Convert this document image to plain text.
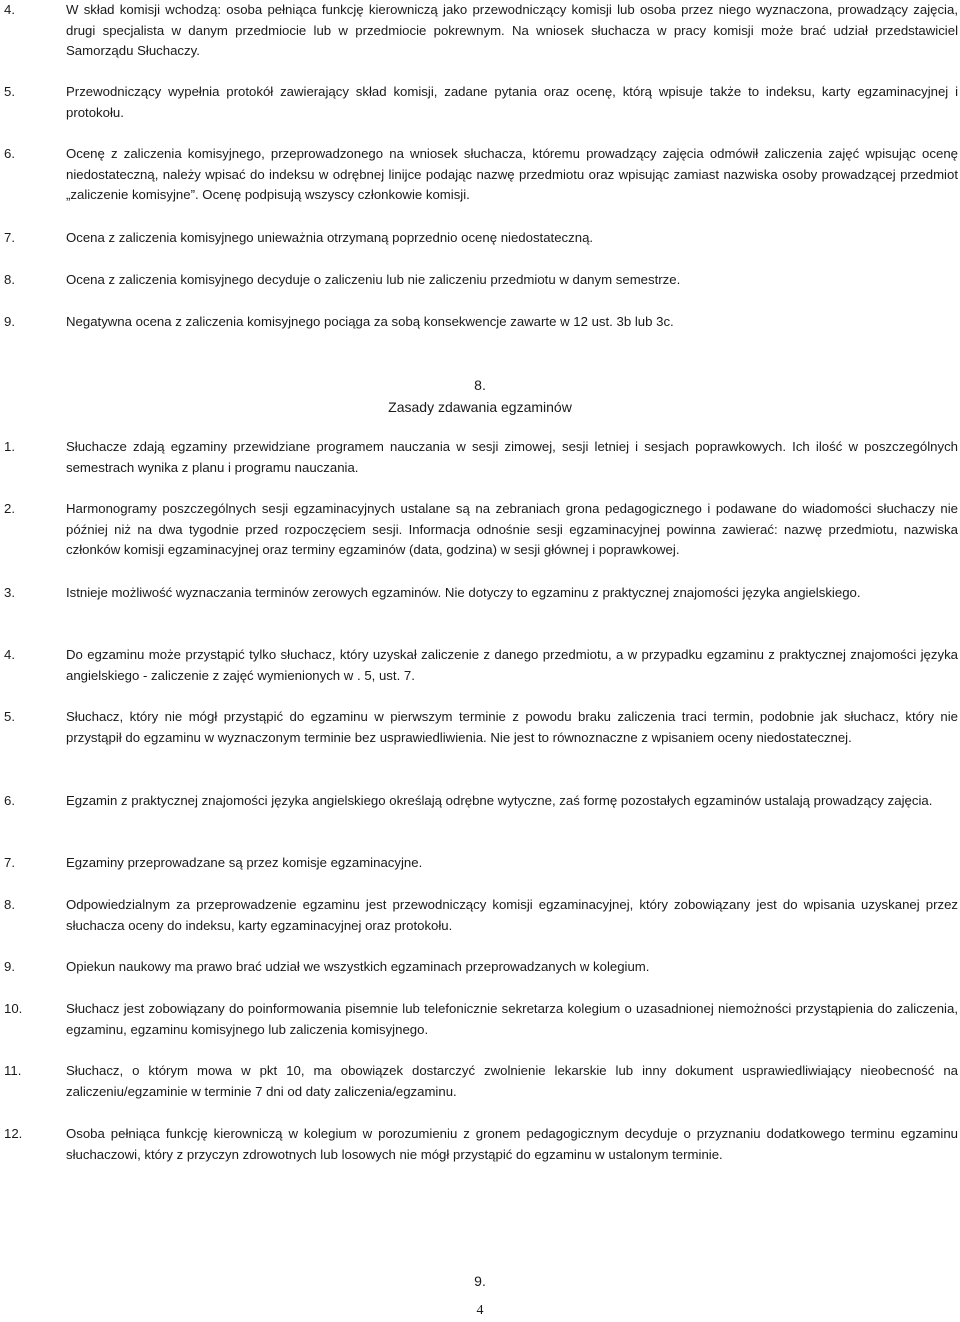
4.	W skład komisji wchodzą: osoba pełniąca funkcję kierowniczą jako przewodniczący komisji lub osoba przez niego wyznaczona, prowadzący zajęcia, drugi specjalista w danym przedmiocie lub w przedmiocie pokrewnym. Na wniosek słuchacza w pracy komisji może brać udział przedstawiciel Samorządu Słuchaczy.
5.	Przewodniczący wypełnia protokół zawierający skład komisji, zadane pytania oraz ocenę, którą wpisuje także to indeksu, karty egzaminacyjnej i protokołu.
6.	Ocenę z zaliczenia komisyjnego, przeprowadzonego na wniosek słuchacza, któremu prowadzący zajęcia odmówił zaliczenia zajęć wpisując ocenę niedostateczną, należy wpisać do indeksu w odrębnej linijce podając nazwę przedmiotu oraz wpisując zamiast nazwiska osoby prowadzącej przedmiot „zaliczenie komisyjne”. Ocenę podpisują wszyscy członkowie komisji.
7.	Ocena z zaliczenia komisyjnego unieważnia otrzymaną poprzednio ocenę niedostateczną.
8.	Ocena z zaliczenia komisyjnego decyduje o zaliczeniu lub nie zaliczeniu przedmiotu w danym semestrze.
9.	Negatywna ocena z zaliczenia komisyjnego pociąga za sobą konsekwencje zawarte w 12 ust. 3b lub 3c.
8.
Zasady zdawania egzaminów
1.	Słuchacze zdają egzaminy przewidziane programem nauczania w sesji zimowej, sesji letniej i sesjach poprawkowych. Ich ilość w poszczególnych semestrach wynika z planu i programu nauczania.
2.	Harmonogramy poszczególnych sesji egzaminacyjnych ustalane są na zebraniach grona pedagogicznego i podawane do wiadomości słuchaczy nie później niż na dwa tygodnie przed rozpoczęciem sesji. Informacja odnośnie sesji egzaminacyjnej powinna zawierać: nazwę przedmiotu, nazwiska członków komisji egzaminacyjnej oraz terminy egzaminów (data, godzina) w sesji głównej i poprawkowej.
3.	Istnieje możliwość wyznaczania terminów zerowych egzaminów. Nie dotyczy to egzaminu z praktycznej znajomości języka angielskiego.
4.	Do egzaminu może przystąpić tylko słuchacz, który uzyskał zaliczenie z danego przedmiotu, a w przypadku egzaminu z praktycznej znajomości języka angielskiego - zaliczenie z zajęć wymienionych w . 5, ust. 7.
5.	Słuchacz, który nie mógł przystąpić do egzaminu w pierwszym terminie z powodu braku zaliczenia traci termin, podobnie jak słuchacz, który nie przystąpił do egzaminu w wyznaczonym terminie bez usprawiedliwienia. Nie jest to równoznaczne z wpisaniem oceny niedostatecznej.
6.	Egzamin z praktycznej znajomości języka angielskiego określają odrębne wytyczne, zaś formę pozostałych egzaminów ustalają prowadzący zajęcia.
7.	Egzaminy przeprowadzane są przez komisje egzaminacyjne.
8.	Odpowiedzialnym za przeprowadzenie egzaminu jest przewodniczący komisji egzaminacyjnej, który zobowiązany jest do wpisania uzyskanej przez słuchacza oceny do indeksu, karty egzaminacyjnej oraz protokołu.
9.	Opiekun naukowy ma prawo brać udział we wszystkich egzaminach przeprowadzanych w kolegium.
10.	Słuchacz jest zobowiązany do poinformowania pisemnie lub telefonicznie sekretarza kolegium o uzasadnionej niemożności przystąpienia do zaliczenia, egzaminu, egzaminu komisyjnego lub zaliczenia komisyjnego.
11.	Słuchacz, o którym mowa w pkt 10, ma obowiązek dostarczyć zwolnienie lekarskie lub inny dokument usprawiedliwiający nieobecność na zaliczeniu/egzaminie w terminie 7 dni od daty zaliczenia/egzaminu.
12.	Osoba pełniąca funkcję kierowniczą w kolegium w porozumieniu z gronem pedagogicznym decyduje o przyznaniu dodatkowego terminu egzaminu słuchaczowi, który z przyczyn zdrowotnych lub losowych nie mógł przystąpić do egzaminu w ustalonym terminie.
9.
4
